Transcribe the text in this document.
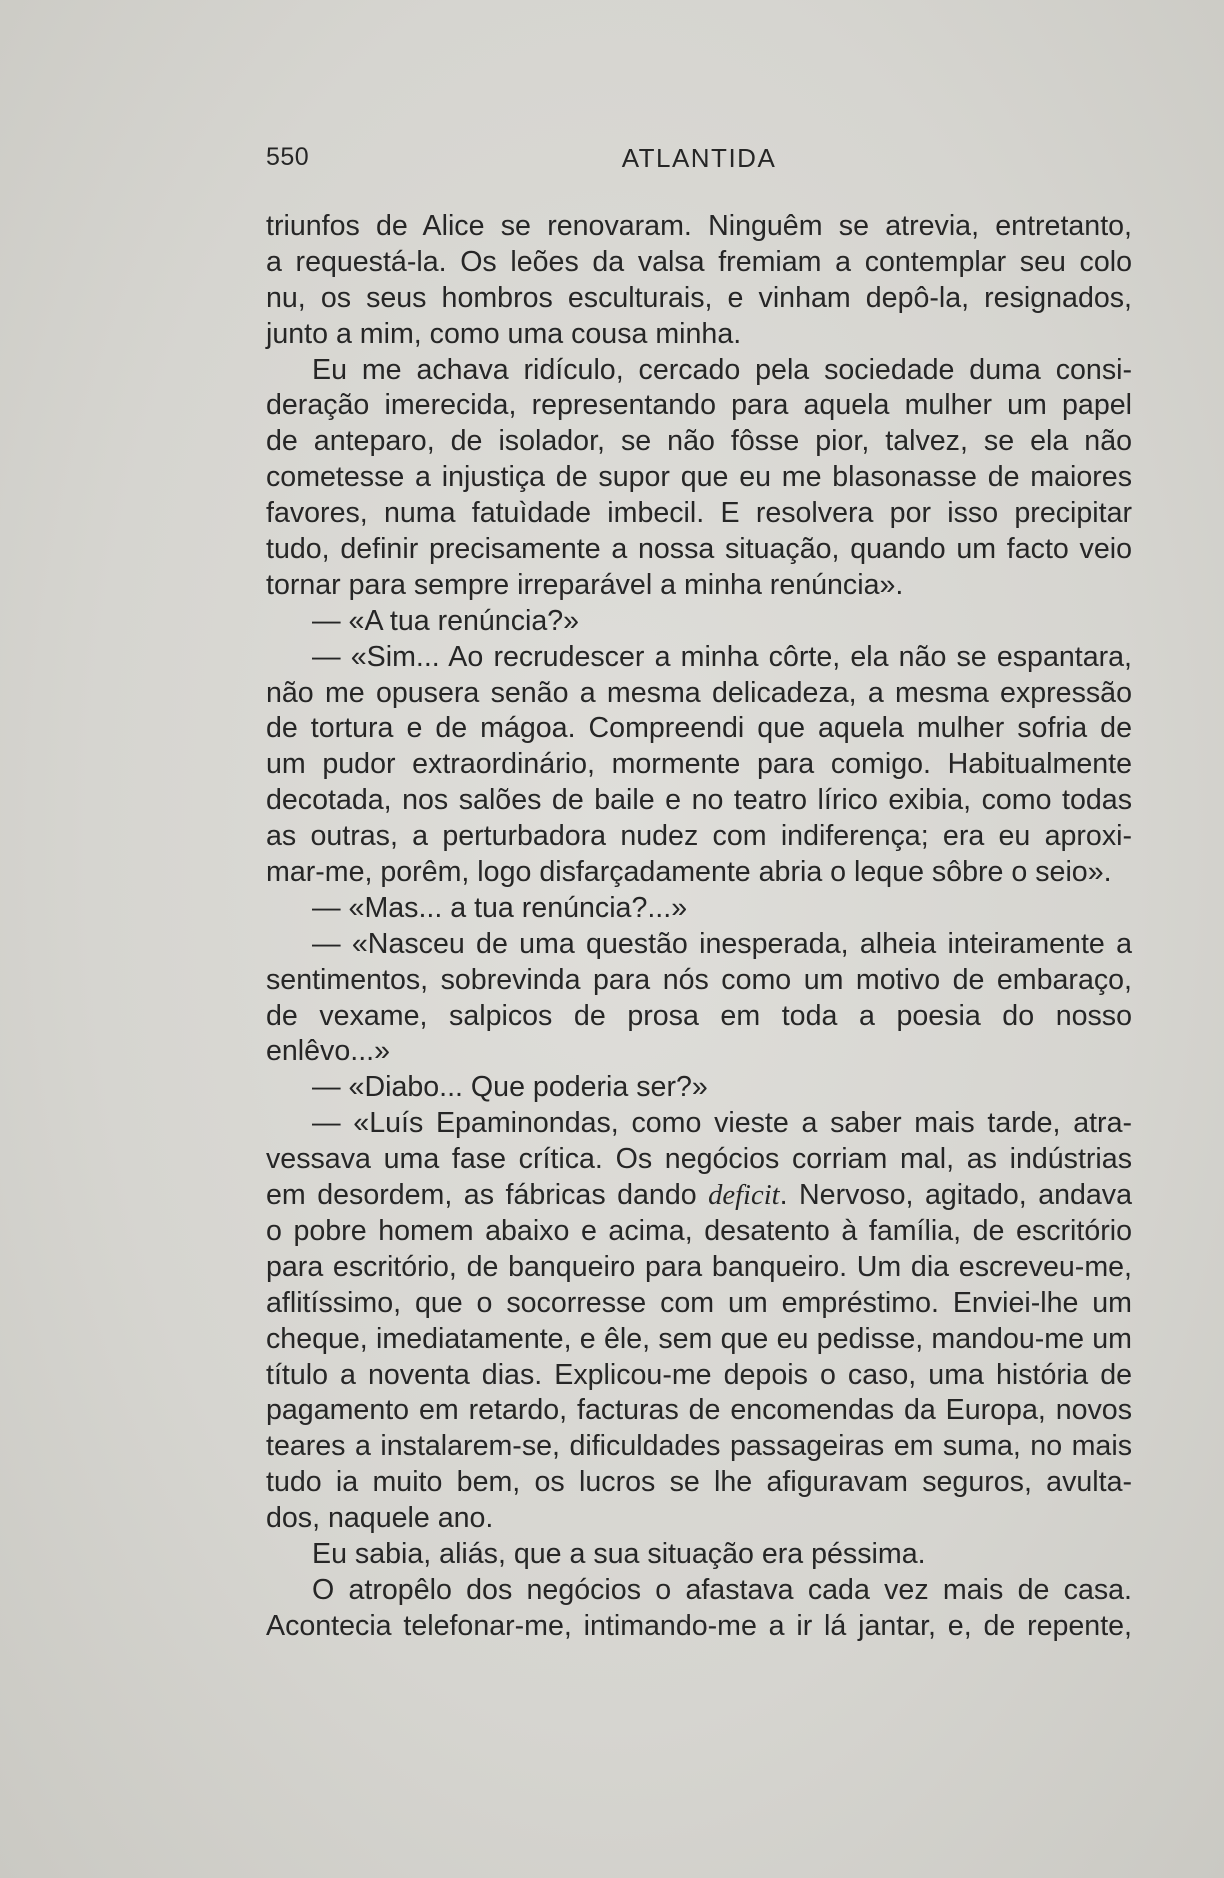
550	ATLANTIDA
triunfos de Alice se renovaram. Ninguêm se atrevia, entretanto,
a requestá-la. Os leões da valsa fremiam a contemplar seu colo
nu, os seus hombros esculturais, e vinham depô-la, resignados,
junto a mim, como uma cousa minha.
Eu me achava ridículo, cercado pela sociedade duma consi-
deração imerecida, representando para aquela mulher um papel
de anteparo, de isolador, se não fôsse pior, talvez, se ela não
cometesse a injustiça de supor que eu me blasonasse de maiores
favores, numa fatuìdade imbecil. E resolvera por isso precipitar
tudo, definir precisamente a nossa situação, quando um facto veio
tornar para sempre irreparável a minha renúncia».
— «A tua renúncia?»
— «Sim... Ao recrudescer a minha côrte, ela não se espantara,
não me opusera senão a mesma delicadeza, a mesma expressão
de tortura e de mágoa. Compreendi que aquela mulher sofria de
um pudor extraordinário, mormente para comigo. Habitualmente
decotada, nos salões de baile e no teatro lírico exibia, como todas
as outras, a perturbadora nudez com indiferença; era eu aproxi-
mar-me, porêm, logo disfarçadamente abria o leque sôbre o seio».
— «Mas... a tua renúncia?...»
— «Nasceu de uma questão inesperada, alheia inteiramente a
sentimentos, sobrevinda para nós como um motivo de embaraço,
de vexame, salpicos de prosa em toda a poesia do nosso
enlêvo...»
— «Diabo... Que poderia ser?»
— «Luís Epaminondas, como vieste a saber mais tarde, atra-
vessava uma fase crítica. Os negócios corriam mal, as indústrias
em desordem, as fábricas dando deficit. Nervoso, agitado, andava
o pobre homem abaixo e acima, desatento à família, de escritório
para escritório, de banqueiro para banqueiro. Um dia escreveu-me,
aflitíssimo, que o socorresse com um empréstimo. Enviei-lhe um
cheque, imediatamente, e êle, sem que eu pedisse, mandou-me um
título a noventa dias. Explicou-me depois o caso, uma história de
pagamento em retardo, facturas de encomendas da Europa, novos
teares a instalarem-se, dificuldades passageiras em suma, no mais
tudo ia muito bem, os lucros se lhe afiguravam seguros, avulta-
dos, naquele ano.
Eu sabia, aliás, que a sua situação era péssima.
O atropêlo dos negócios o afastava cada vez mais de casa.
Acontecia telefonar-me, intimando-me a ir lá jantar, e, de repente,
